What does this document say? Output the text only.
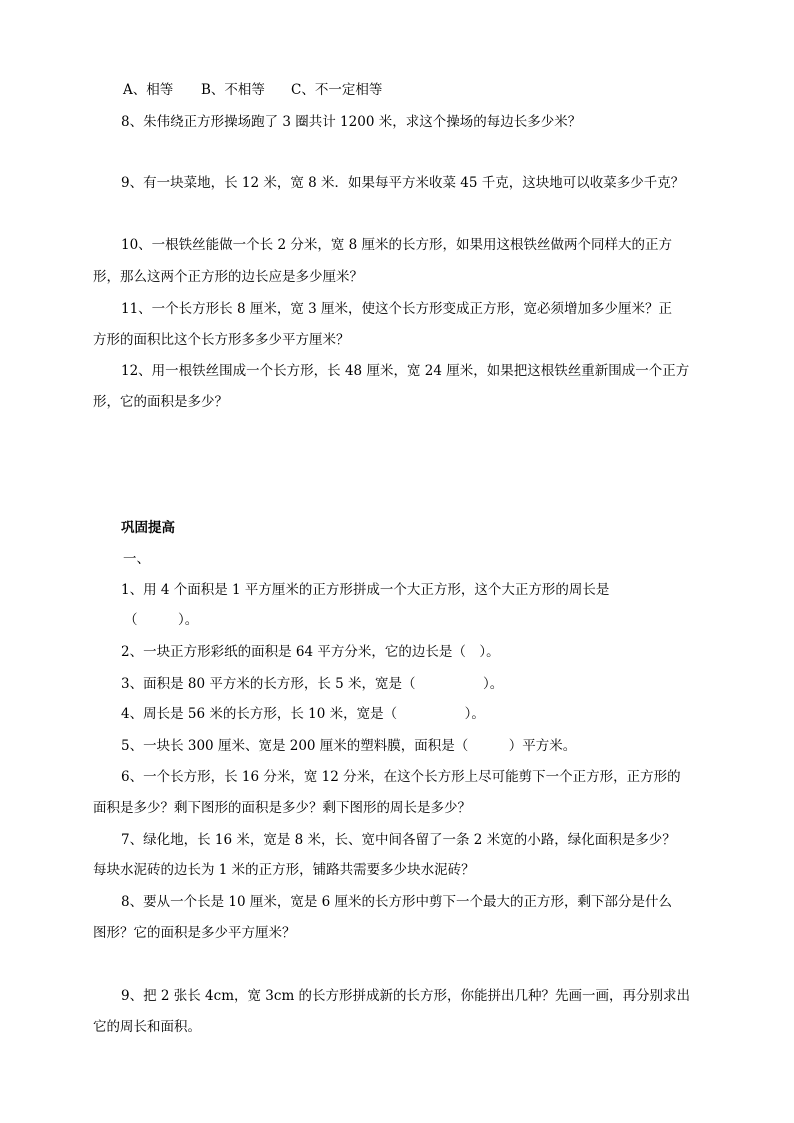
A、相等 B、不相等 C、不一定相等
8、朱伟绕正方形操场跑了 3 圈共计 1200 米，求这个操场的每边长多少米？
9、有一块菜地，长 12 米，宽 8 米．如果每平方米收菜 45 千克，这块地可以收菜多少千克？
10、一根铁丝能做一个长 2 分米，宽 8 厘米的长方形，如果用这根铁丝做两个同样大的正方
形，那么这两个正方形的边长应是多少厘米？
11、一个长方形长 8 厘米，宽 3 厘米，使这个长方形变成正方形，宽必须增加多少厘米？正
方形的面积比这个长方形多多少平方厘米？
12、用一根铁丝围成一个长方形，长 48 厘米，宽 24 厘米，如果把这根铁丝重新围成一个正方
形，它的面积是多少？
巩固提高
一、
1、用 4 个面积是 1 平方厘米的正方形拼成一个大正方形，这个大正方形的周长是
（　　　）。
2、一块正方形彩纸的面积是 64 平方分米，它的边长是（　）。
3、面积是 80 平方米的长方形，长 5 米，宽是（　　　　　）。
4、周长是 56 米的长方形，长 10 米，宽是（　　　　　）。
5、一块长 300 厘米、宽是 200 厘米的塑料膜，面积是（　　　）平方米。
6、一个长方形，长 16 分米，宽 12 分米，在这个长方形上尽可能剪下一个正方形，正方形的
面积是多少？剩下图形的面积是多少？剩下图形的周长是多少？
7、绿化地，长 16 米，宽是 8 米，长、宽中间各留了一条 2 米宽的小路，绿化面积是多少？
每块水泥砖的边长为 1 米的正方形，铺路共需要多少块水泥砖？
8、要从一个长是 10 厘米，宽是 6 厘米的长方形中剪下一个最大的正方形，剩下部分是什么
图形？它的面积是多少平方厘米？
9、把 2 张长 4cm，宽 3cm 的长方形拼成新的长方形，你能拼出几种？先画一画，再分别求出
它的周长和面积。
